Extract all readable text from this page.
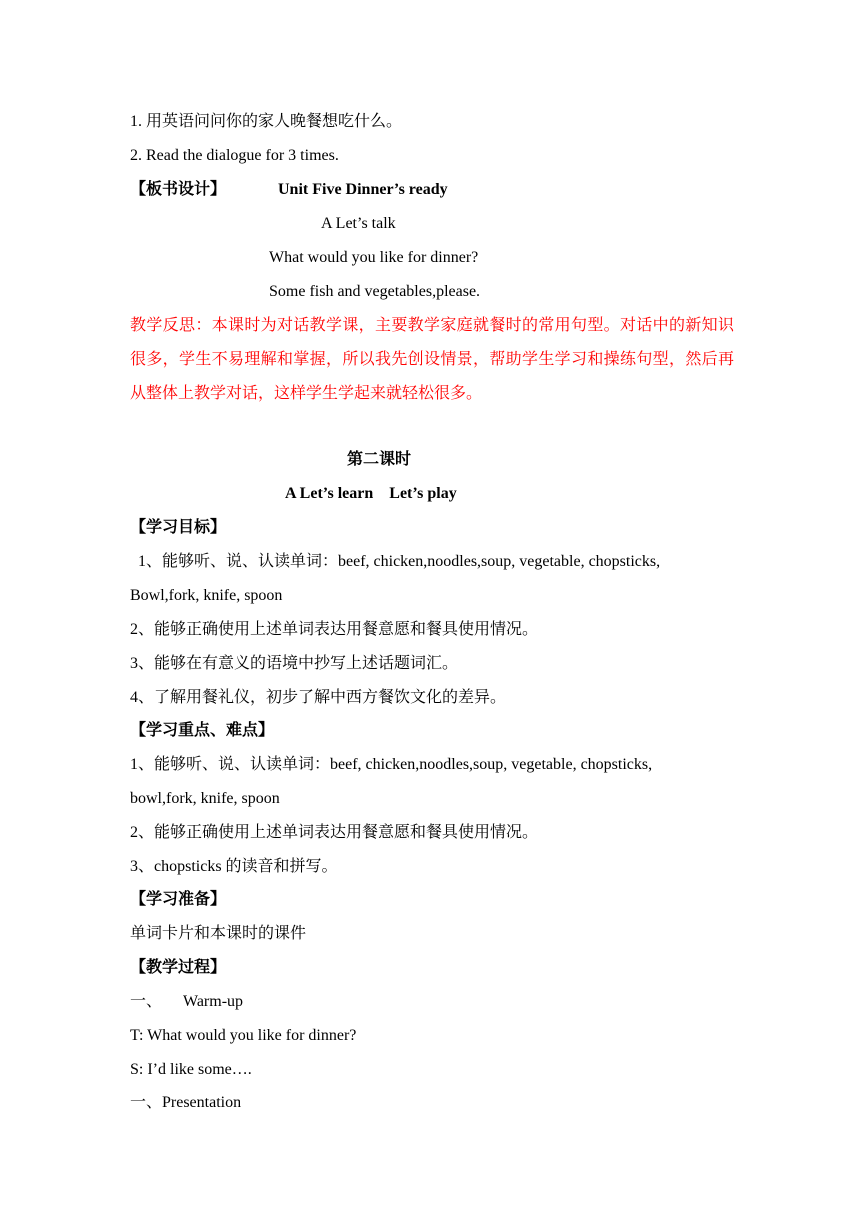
1. 用英语问问你的家人晚餐想吃什么。
2. Read the dialogue for 3 times.
【板书设计】	Unit Five Dinner’s ready
A Let’s talk
What would you like for dinner?
Some fish and vegetables,please.
教学反思：本课时为对话教学课，主要教学家庭就餐时的常用句型。对话中的新知识很多，学生不易理解和掌握，所以我先创设情景，帮助学生学习和操练句型，然后再从整体上教学对话，这样学生学起来就轻松很多。
第二课时
A Let’s learn    Let’s play
【学习目标】
1、能够听、说、认读单词：beef, chicken,noodles,soup, vegetable, chopsticks,
Bowl,fork, knife, spoon
2、能够正确使用上述单词表达用餐意愿和餐具使用情况。
3、能够在有意义的语境中抄写上述话题词汇。
4、了解用餐礼仪，初步了解中西方餐饮文化的差异。
【学习重点、难点】
1、能够听、说、认读单词：beef, chicken,noodles,soup, vegetable, chopsticks,
bowl,fork, knife, spoon
2、能够正确使用上述单词表达用餐意愿和餐具使用情况。
3、chopsticks 的读音和拼写。
【学习准备】
单词卡片和本课时的课件
【教学过程】
一、 Warm-up
T: What would you like for dinner?
S: I’d like some….
一、Presentation
